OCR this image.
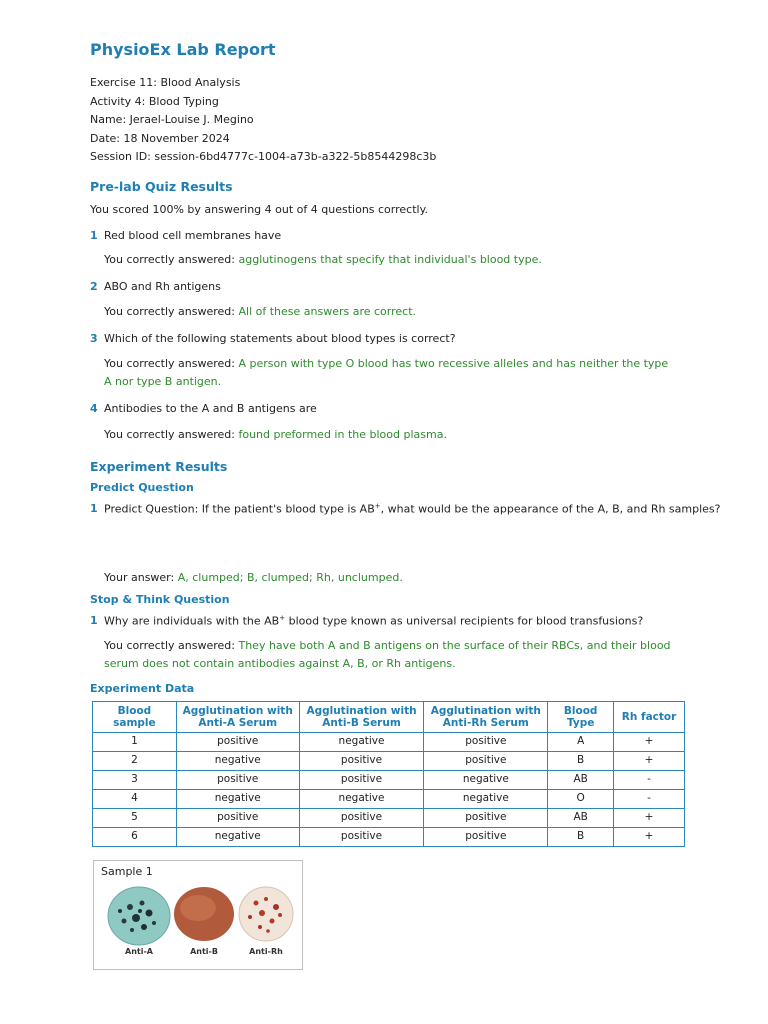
PhysioEx Lab Report
Exercise 11: Blood Analysis
Activity 4: Blood Typing
Name: Jerael-Louise J. Megino
Date: 18 November 2024
Session ID: session-6bd4777c-1004-a73b-a322-5b8544298c3b
Pre-lab Quiz Results
You scored 100% by answering 4 out of 4 questions correctly.
1 Red blood cell membranes have
You correctly answered: agglutinogens that specify that individual's blood type.
2 ABO and Rh antigens
You correctly answered: All of these answers are correct.
3 Which of the following statements about blood types is correct?
You correctly answered: A person with type O blood has two recessive alleles and has neither the type A nor type B antigen.
4 Antibodies to the A and B antigens are
You correctly answered: found preformed in the blood plasma.
Experiment Results
Predict Question
1 Predict Question: If the patient's blood type is AB+, what would be the appearance of the A, B, and Rh samples?
Your answer: A, clumped; B, clumped; Rh, unclumped.
Stop & Think Question
1 Why are individuals with the AB+ blood type known as universal recipients for blood transfusions?
You correctly answered: They have both A and B antigens on the surface of their RBCs, and their blood serum does not contain antibodies against A, B, or Rh antigens.
Experiment Data
Blood sample	Agglutination with Anti-A Serum	Agglutination with Anti-B Serum	Agglutination with Anti-Rh Serum	Blood Type	Rh factor
1	positive	negative	positive	A	+
2	negative	positive	positive	B	+
3	positive	positive	negative	AB	-
4	negative	negative	negative	O	-
5	positive	positive	positive	AB	+
6	negative	positive	positive	B	+
Sample 1
Anti-A	Anti-B	Anti-Rh
